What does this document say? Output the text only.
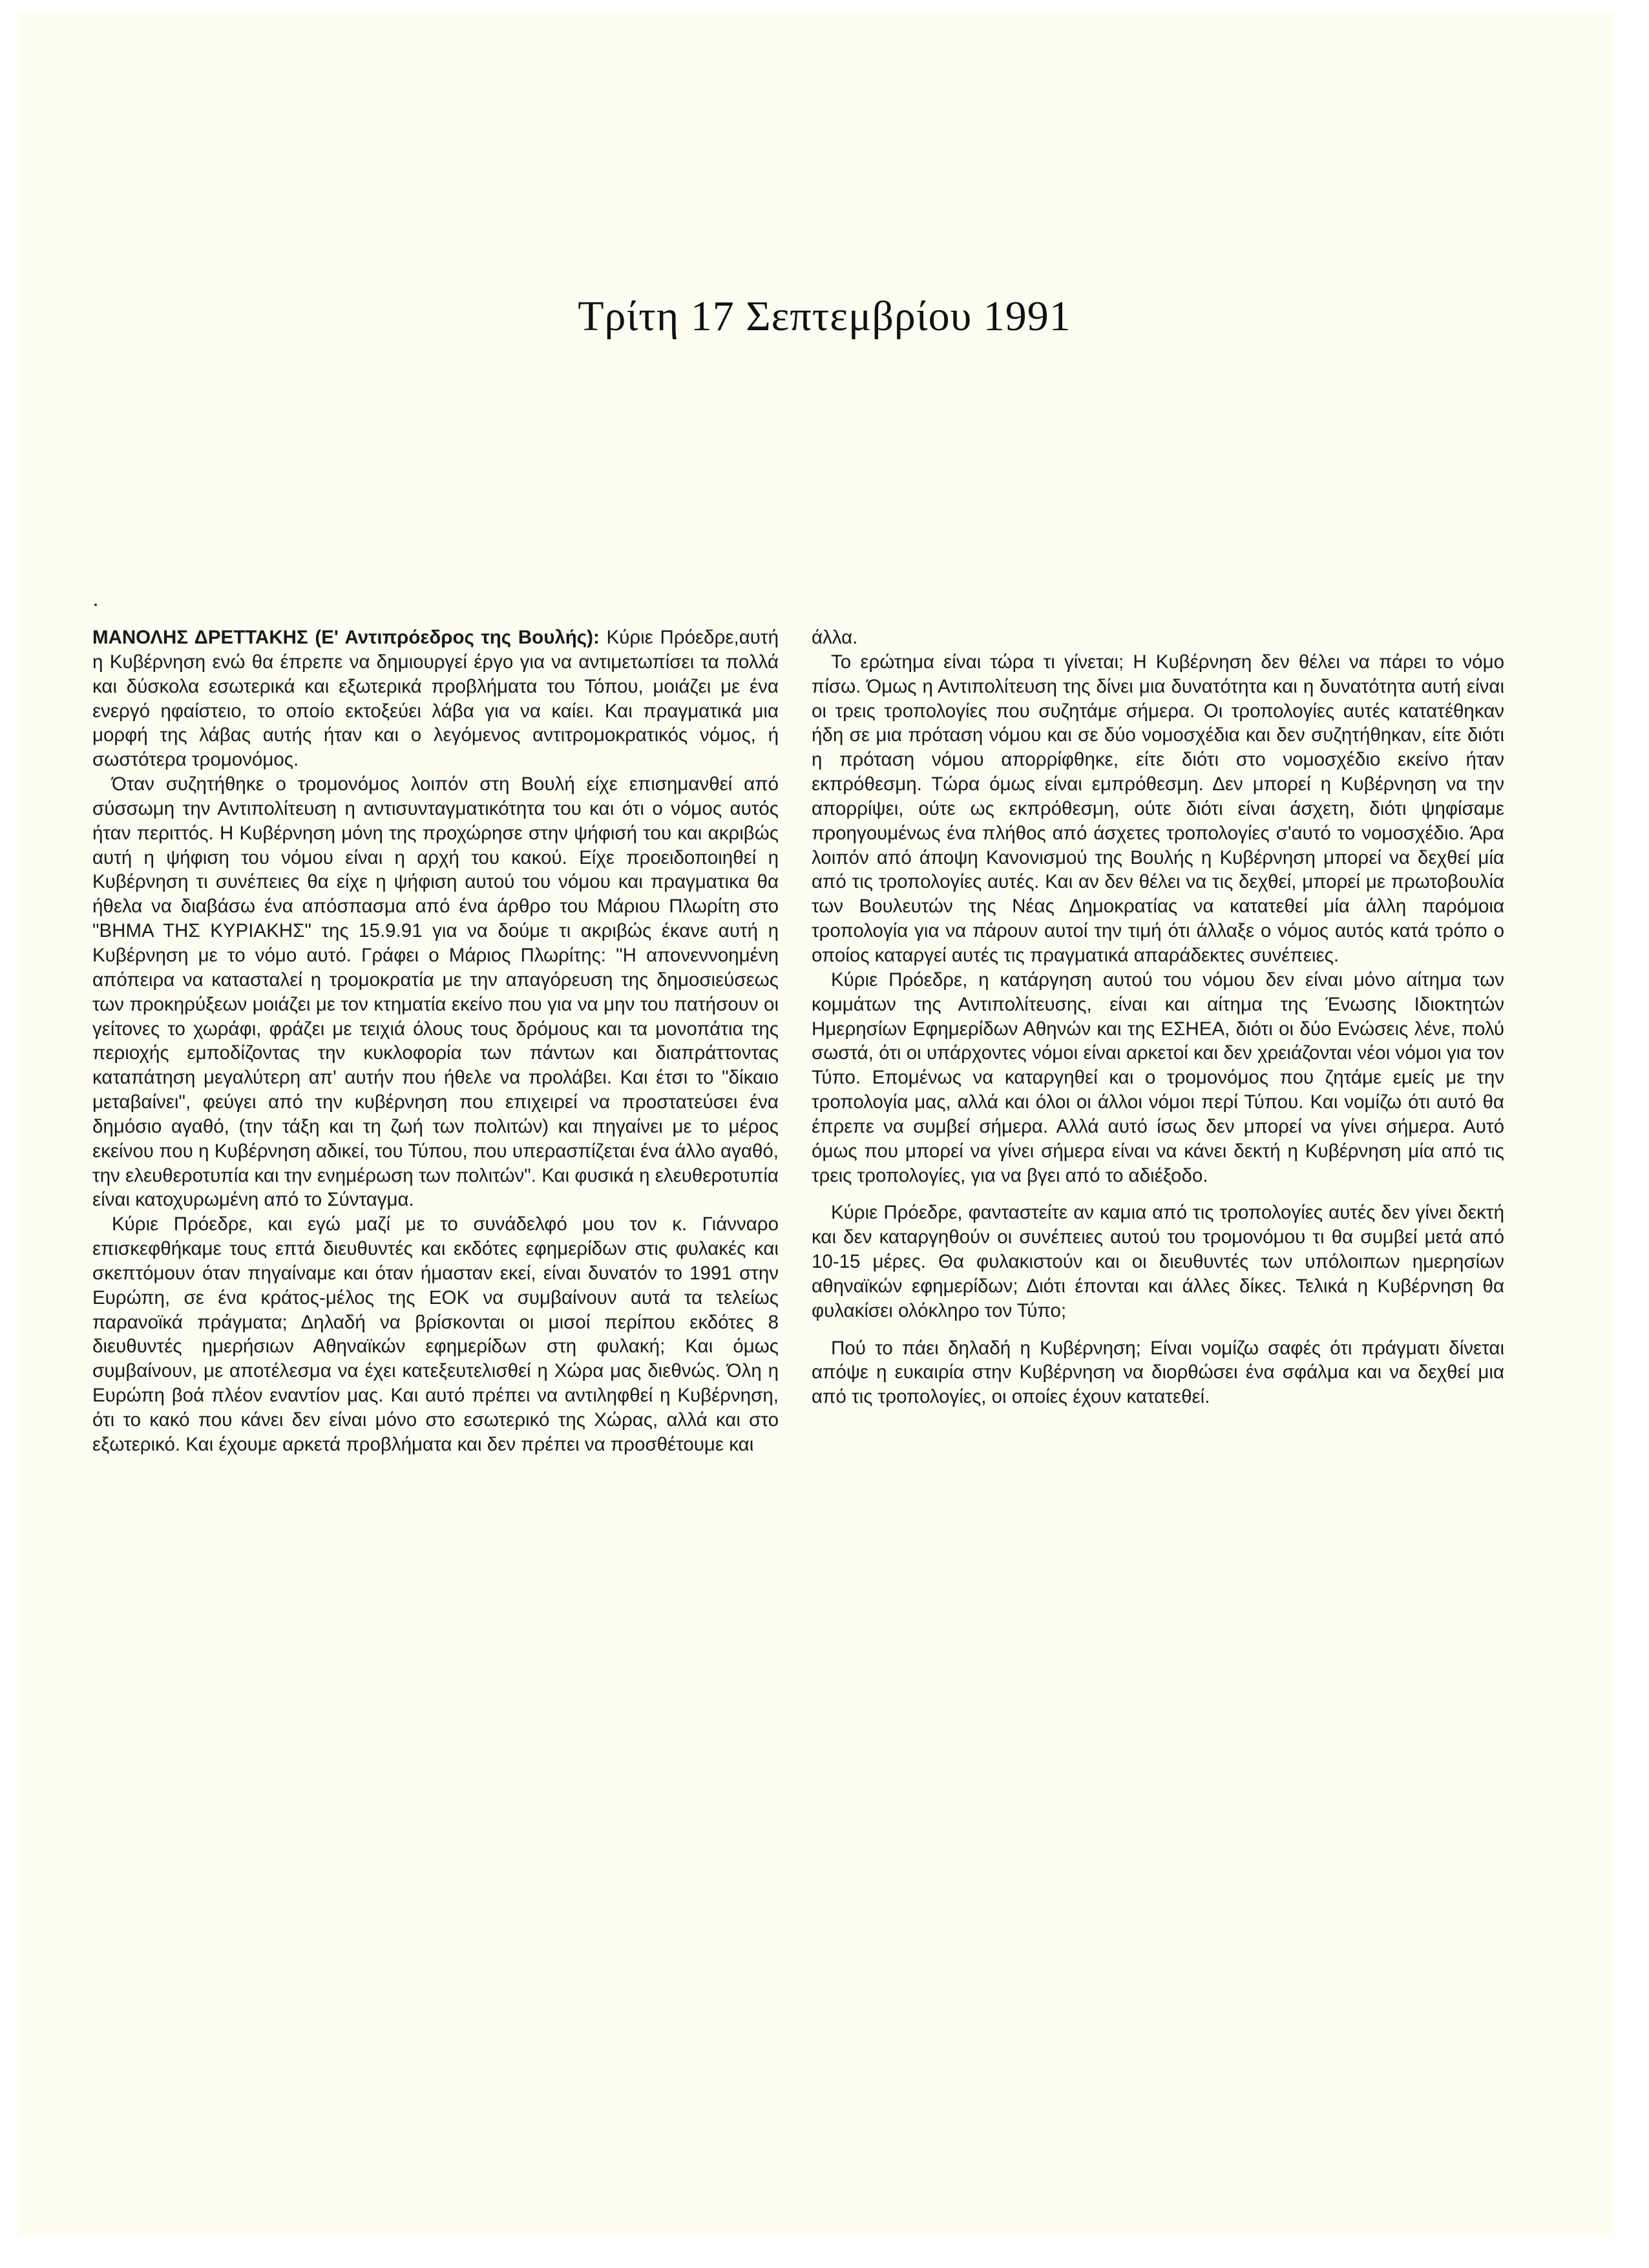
Τρίτη 17 Σεπτεμβρίου 1991

ΜΑΝΟΛΗΣ ΔΡΕΤΤΑΚΗΣ (Ε' Αντιπρόεδρος της Βουλής): Κύριε Πρόεδρε,αυτή η Κυβέρνηση ενώ θα έπρεπε να δημιουργεί έργο για να αντιμετωπίσει τα πολλά και δύσκολα εσωτερικά και εξωτερικά προβλήματα του Τόπου, μοιάζει με ένα ενεργό ηφαίστειο, το οποίο εκτοξεύει λάβα για να καίει. Και πραγματικά μια μορφή της λάβας αυτής ήταν και ο λεγόμενος αντιτρομοκρατικός νόμος, ή σωστότερα τρομονόμος.

Όταν συζητήθηκε ο τρομονόμος λοιπόν στη Βουλή είχε επισημανθεί από σύσσωμη την Αντιπολίτευση η αντισυνταγματικότητα του και ότι ο νόμος αυτός ήταν περιττός. Η Κυβέρνηση μόνη της προχώρησε στην ψήφισή του και ακριβώς αυτή η ψήφιση του νόμου είναι η αρχή του κακού. Είχε προειδοποιηθεί η Κυβέρνηση τι συνέπειες θα είχε η ψήφιση αυτού του νόμου και πραγματικα θα ήθελα να διαβάσω ένα απόσπασμα από ένα άρθρο του Μάριου Πλωρίτη στο "ΒΗΜΑ ΤΗΣ ΚΥΡΙΑΚΗΣ" της 15.9.91 για να δούμε τι ακριβώς έκανε αυτή η Κυβέρνηση με το νόμο αυτό. Γράφει ο Μάριος Πλωρίτης: "Η απονεννοημένη απόπειρα να κατασταλεί η τρομοκρατία με την απαγόρευση της δημοσιεύσεως των προκηρύξεων μοιάζει με τον κτηματία εκείνο που για να μην του πατήσουν οι γείτονες το χωράφι, φράζει με τειχιά όλους τους δρόμους και τα μονοπάτια της περιοχής εμποδίζοντας την κυκλοφορία των πάντων και διαπράττοντας καταπάτηση μεγαλύτερη απ' αυτήν που ήθελε να προλάβει. Και έτσι το "δίκαιο μεταβαίνει", φεύγει από την κυβέρνηση που επιχειρεί να προστατεύσει ένα δημόσιο αγαθό, (την τάξη και τη ζωή των πολιτών) και πηγαίνει με το μέρος εκείνου που η Κυβέρνηση αδικεί, του Τύπου, που υπερασπίζεται ένα άλλο αγαθό, την ελευθεροτυπία και την ενημέρωση των πολιτών". Και φυσικά η ελευθεροτυπία είναι κατοχυρωμένη από το Σύνταγμα.

Κύριε Πρόεδρε, και εγώ μαζί με το συνάδελφό μου τον κ. Γιάνναρο επισκεφθήκαμε τους επτά διευθυντές και εκδότες εφημερίδων στις φυλακές και σκεπτόμουν όταν πηγαίναμε και όταν ήμασταν εκεί, είναι δυνατόν το 1991 στην Ευρώπη, σε ένα κράτος-μέλος της ΕΟΚ να συμβαίνουν αυτά τα τελείως παρανοϊκά πράγματα; Δηλαδή να βρίσκονται οι μισοί περίπου εκδότες 8 διευθυντές ημερήσιων Αθηναϊκών εφημερίδων στη φυλακή; Και όμως συμβαίνουν, με αποτέλεσμα να έχει κατεξευτελισθεί η Χώρα μας διεθνώς. Όλη η Ευρώπη βοά πλέον εναντίον μας. Και αυτό πρέπει να αντιληφθεί η Κυβέρνηση, ότι το κακό που κάνει δεν είναι μόνο στο εσωτερικό της Χώρας, αλλά και στο εξωτερικό. Και έχουμε αρκετά προβλήματα και δεν πρέπει να προσθέτουμε και

άλλα.

Το ερώτημα είναι τώρα τι γίνεται; Η Κυβέρνηση δεν θέλει να πάρει το νόμο πίσω. Όμως η Αντιπολίτευση της δίνει μια δυνατότητα και η δυνατότητα αυτή είναι οι τρεις τροπολογίες που συζητάμε σήμερα. Οι τροπολογίες αυτές κατατέθηκαν ήδη σε μια πρόταση νόμου και σε δύο νομοσχέδια και δεν συζητήθηκαν, είτε διότι η πρόταση νόμου απορρίφθηκε, είτε διότι στο νομοσχέδιο εκείνο ήταν εκπρόθεσμη. Τώρα όμως είναι εμπρόθεσμη. Δεν μπορεί η Κυβέρνηση να την απορρίψει, ούτε ως εκπρόθεσμη, ούτε διότι είναι άσχετη, διότι ψηφίσαμε προηγουμένως ένα πλήθος από άσχετες τροπολογίες σ'αυτό το νομοσχέδιο. Άρα λοιπόν από άποψη Κανονισμού της Βουλής η Κυβέρνηση μπορεί να δεχθεί μία από τις τροπολογίες αυτές. Και αν δεν θέλει να τις δεχθεί, μπορεί με πρωτοβουλία των Βουλευτών της Νέας Δημοκρατίας να κατατεθεί μία άλλη παρόμοια τροπολογία για να πάρουν αυτοί την τιμή ότι άλλαξε ο νόμος αυτός κατά τρόπο ο οποίος καταργεί αυτές τις πραγματικά απαράδεκτες συνέπειες.

Κύριε Πρόεδρε, η κατάργηση αυτού του νόμου δεν είναι μόνο αίτημα των κομμάτων της Αντιπολίτευσης, είναι και αίτημα της Ένωσης Ιδιοκτητών Ημερησίων Εφημερίδων Αθηνών και της ΕΣΗΕΑ, διότι οι δύο Ενώσεις λένε, πολύ σωστά, ότι οι υπάρχοντες νόμοι είναι αρκετοί και δεν χρειάζονται νέοι νόμοι για τον Τύπο. Επομένως να καταργηθεί και ο τρομονόμος που ζητάμε εμείς με την τροπολογία μας, αλλά και όλοι οι άλλοι νόμοι περί Τύπου. Και νομίζω ότι αυτό θα έπρεπε να συμβεί σήμερα. Αλλά αυτό ίσως δεν μπορεί να γίνει σήμερα. Αυτό όμως που μπορεί να γίνει σήμερα είναι να κάνει δεκτή η Κυβέρνηση μία από τις τρεις τροπολογίες, για να βγει από το αδιέξοδο.

Κύριε Πρόεδρε, φανταστείτε αν καμια από τις τροπολογίες αυτές δεν γίνει δεκτή και δεν καταργηθούν οι συνέπειες αυτού του τρομονόμου τι θα συμβεί μετά από 10-15 μέρες. Θα φυλακιστούν και οι διευθυντές των υπόλοιπων ημερησίων αθηναϊκών εφημερίδων; Διότι έπονται και άλλες δίκες. Τελικά η Κυβέρνηση θα φυλακίσει ολόκληρο τον Τύπο;

Πού το πάει δηλαδή η Κυβέρνηση; Είναι νομίζω σαφές ότι πράγματι δίνεται απόψε η ευκαιρία στην Κυβέρνηση να διορθώσει ένα σφάλμα και να δεχθεί μια από τις τροπολογίες, οι οποίες έχουν κατατεθεί.
